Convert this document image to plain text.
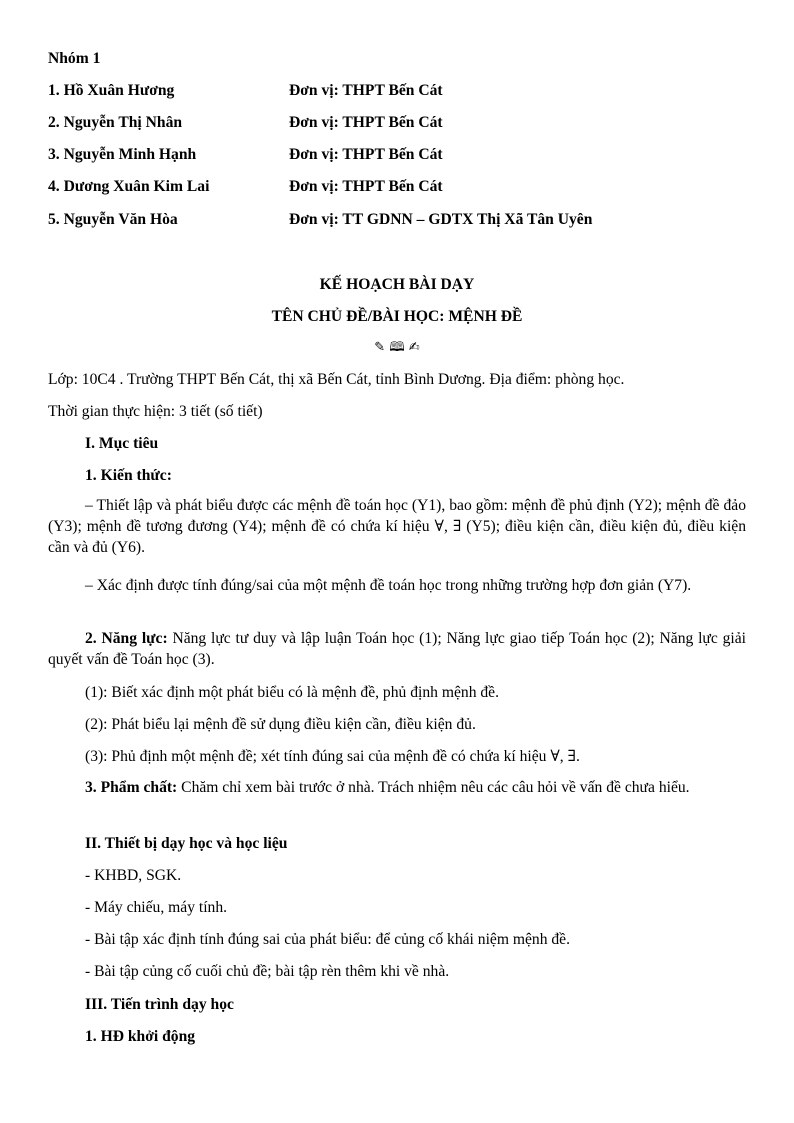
Nhóm 1
1. Hồ Xuân Hương	Đơn vị: THPT Bến Cát
2. Nguyễn Thị Nhân	Đơn vị: THPT Bến Cát
3. Nguyễn Minh Hạnh	Đơn vị: THPT Bến Cát
4. Dương Xuân Kim Lai	Đơn vị: THPT Bến Cát
5. Nguyễn Văn Hòa	Đơn vị: TT GDNN – GDTX Thị Xã Tân Uyên
KẾ HOẠCH BÀI DẠY
TÊN CHỦ ĐỀ/BÀI HỌC: MỆNH ĐỀ
✎ 🕮 ✍
Lớp: 10C4 . Trường THPT Bến Cát, thị xã Bến Cát, tỉnh Bình Dương. Địa điểm: phòng học.
Thời gian thực hiện: 3 tiết (số tiết)
I. Mục tiêu
1. Kiến thức:
– Thiết lập và phát biểu được các mệnh đề toán học (Y1), bao gồm: mệnh đề phủ định (Y2); mệnh đề đảo (Y3); mệnh đề tương đương (Y4); mệnh đề có chứa kí hiệu ∀, ∃ (Y5); điều kiện cần, điều kiện đủ, điều kiện cần và đủ (Y6).
– Xác định được tính đúng/sai của một mệnh đề toán học trong những trường hợp đơn giản (Y7).
2. Năng lực: Năng lực tư duy và lập luận Toán học (1); Năng lực giao tiếp Toán học (2); Năng lực giải quyết vấn đề Toán học (3).
(1): Biết xác định một phát biểu có là mệnh đề, phủ định mệnh đề.
(2): Phát biểu lại mệnh đề sử dụng điều kiện cần, điều kiện đủ.
(3): Phủ định một mệnh đề; xét tính đúng sai của mệnh đề có chứa kí hiệu ∀, ∃.
3. Phẩm chất: Chăm chỉ xem bài trước ở nhà. Trách nhiệm nêu các câu hỏi về vấn đề chưa hiểu.
II. Thiết bị dạy học và học liệu
- KHBD, SGK.
- Máy chiếu, máy tính.
- Bài tập xác định tính đúng sai của phát biểu: để củng cố khái niệm mệnh đề.
- Bài tập củng cố cuối chủ đề; bài tập rèn thêm khi về nhà.
III. Tiến trình dạy học
1. HĐ khởi động
